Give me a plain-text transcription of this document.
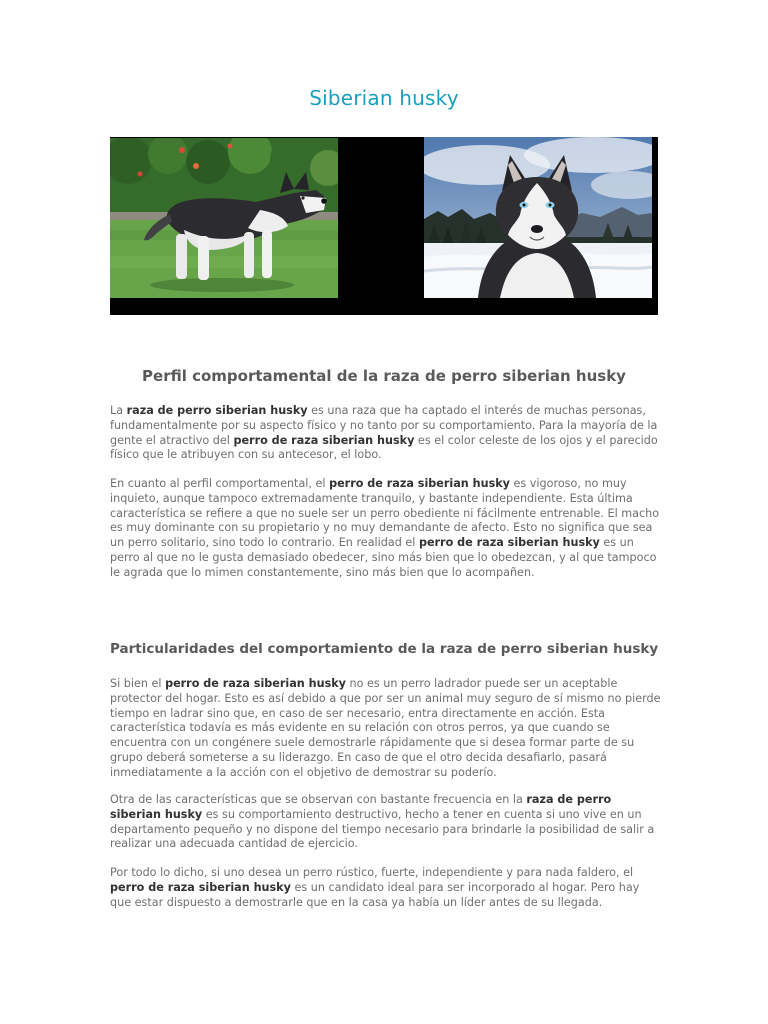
Siberian husky
Perfil comportamental de la raza de perro siberian husky

La raza de perro siberian husky es una raza que ha captado el interés de muchas personas, fundamentalmente por su aspecto físico y no tanto por su comportamiento. Para la mayoría de la gente el atractivo del perro de raza siberian husky es el color celeste de los ojos y el parecido físico que le atribuyen con su antecesor, el lobo.

En cuanto al perfil comportamental, el perro de raza siberian husky es vigoroso, no muy inquieto, aunque tampoco extremadamente tranquilo, y bastante independiente. Esta última característica se refiere a que no suele ser un perro obediente ni fácilmente entrenable. El macho es muy dominante con su propietario y no muy demandante de afecto. Esto no significa que sea un perro solitario, sino todo lo contrario. En realidad el perro de raza siberian husky es un perro al que no le gusta demasiado obedecer, sino más bien que lo obedezcan, y al que tampoco le agrada que lo mimen constantemente, sino más bien que lo acompañen.

Particularidades del comportamiento de la raza de perro siberian husky

Si bien el perro de raza siberian husky no es un perro ladrador puede ser un aceptable protector del hogar. Esto es así debido a que por ser un animal muy seguro de sí mismo no pierde tiempo en ladrar sino que, en caso de ser necesario, entra directamente en acción. Esta característica todavía es más evidente en su relación con otros perros, ya que cuando se encuentra con un congénere suele demostrarle rápidamente que si desea formar parte de su grupo deberá someterse a su liderazgo. En caso de que el otro decida desafiarlo, pasará inmediatamente a la acción con el objetivo de demostrar su poderío.

Otra de las características que se observan con bastante frecuencia en la raza de perro siberian husky es su comportamiento destructivo, hecho a tener en cuenta si uno vive en un departamento pequeño y no dispone del tiempo necesario para brindarle la posibilidad de salir a realizar una adecuada cantidad de ejercicio.

Por todo lo dicho, si uno desea un perro rústico, fuerte, independiente y para nada faldero, el perro de raza siberian husky es un candidato ideal para ser incorporado al hogar. Pero hay que estar dispuesto a demostrarle que en la casa ya había un líder antes de su llegada.
